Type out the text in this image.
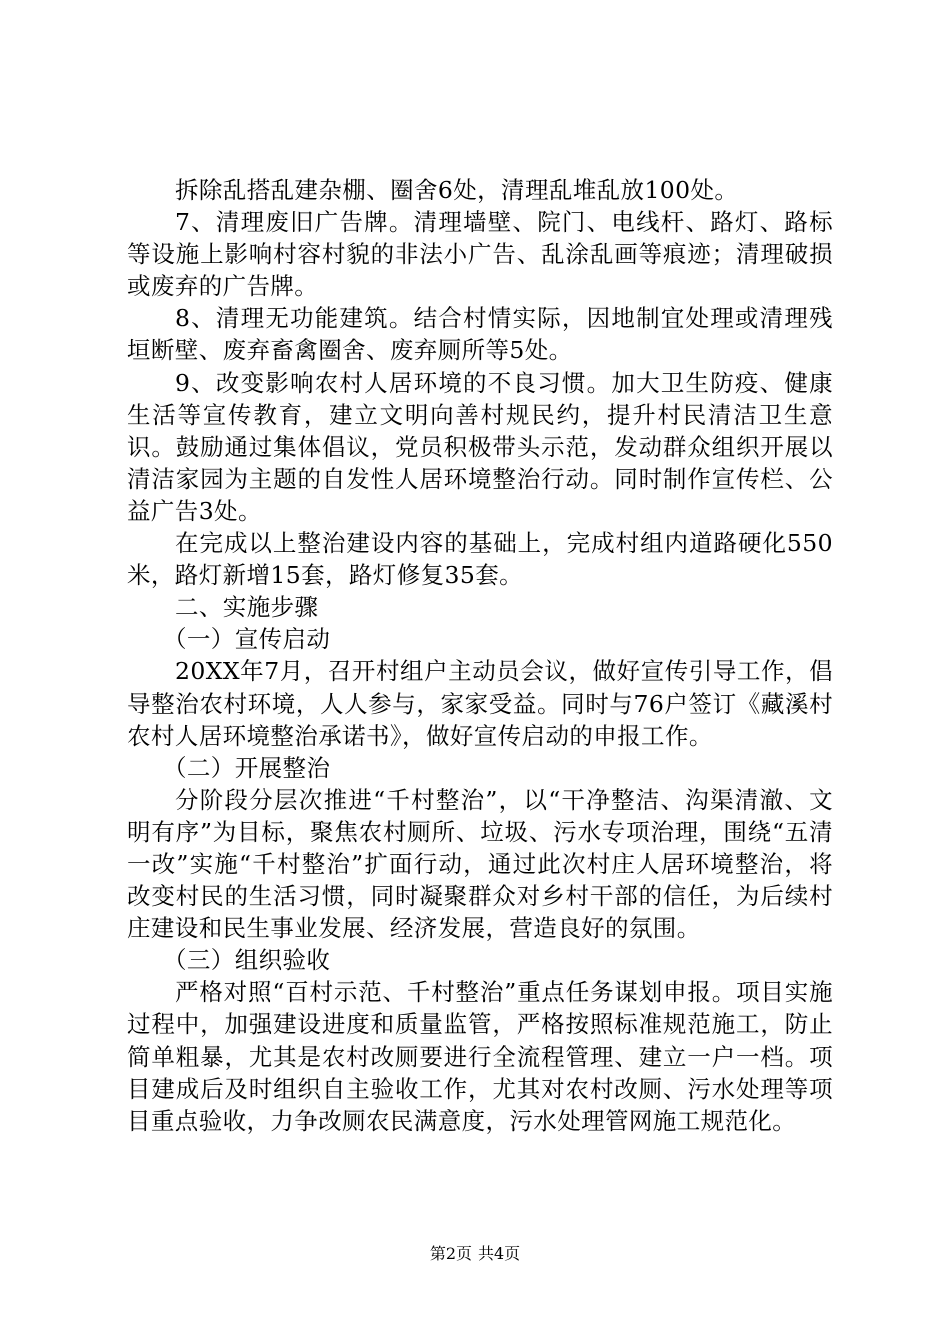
拆除乱搭乱建杂棚、圈舍6处，清理乱堆乱放100处。

7、清理废旧广告牌。清理墙壁、院门、电线杆、路灯、路标等设施上影响村容村貌的非法小广告、乱涂乱画等痕迹；清理破损或废弃的广告牌。

8、清理无功能建筑。结合村情实际，因地制宜处理或清理残垣断壁、废弃畜禽圈舍、废弃厕所等5处。

9、改变影响农村人居环境的不良习惯。加大卫生防疫、健康生活等宣传教育，建立文明向善村规民约，提升村民清洁卫生意识。鼓励通过集体倡议，党员积极带头示范，发动群众组织开展以清洁家园为主题的自发性人居环境整治行动。同时制作宣传栏、公益广告3处。

在完成以上整治建设内容的基础上，完成村组内道路硬化550米，路灯新增15套，路灯修复35套。

二、实施步骤

（一）宣传启动

20XX年7月，召开村组户主动员会议，做好宣传引导工作，倡导整治农村环境，人人参与，家家受益。同时与76户签订《藏溪村农村人居环境整治承诺书》，做好宣传启动的申报工作。

（二）开展整治

分阶段分层次推进“千村整治”，以“干净整洁、沟渠清澈、文明有序”为目标，聚焦农村厕所、垃圾、污水专项治理，围绕“五清一改”实施“千村整治”扩面行动，通过此次村庄人居环境整治，将改变村民的生活习惯，同时凝聚群众对乡村干部的信任，为后续村庄建设和民生事业发展、经济发展，营造良好的氛围。

（三）组织验收

严格对照“百村示范、千村整治”重点任务谋划申报。项目实施过程中，加强建设进度和质量监管，严格按照标准规范施工，防止简单粗暴，尤其是农村改厕要进行全流程管理、建立一户一档。项目建成后及时组织自主验收工作，尤其对农村改厕、污水处理等项目重点验收，力争改厕农民满意度，污水处理管网施工规范化。

第2页 共4页
